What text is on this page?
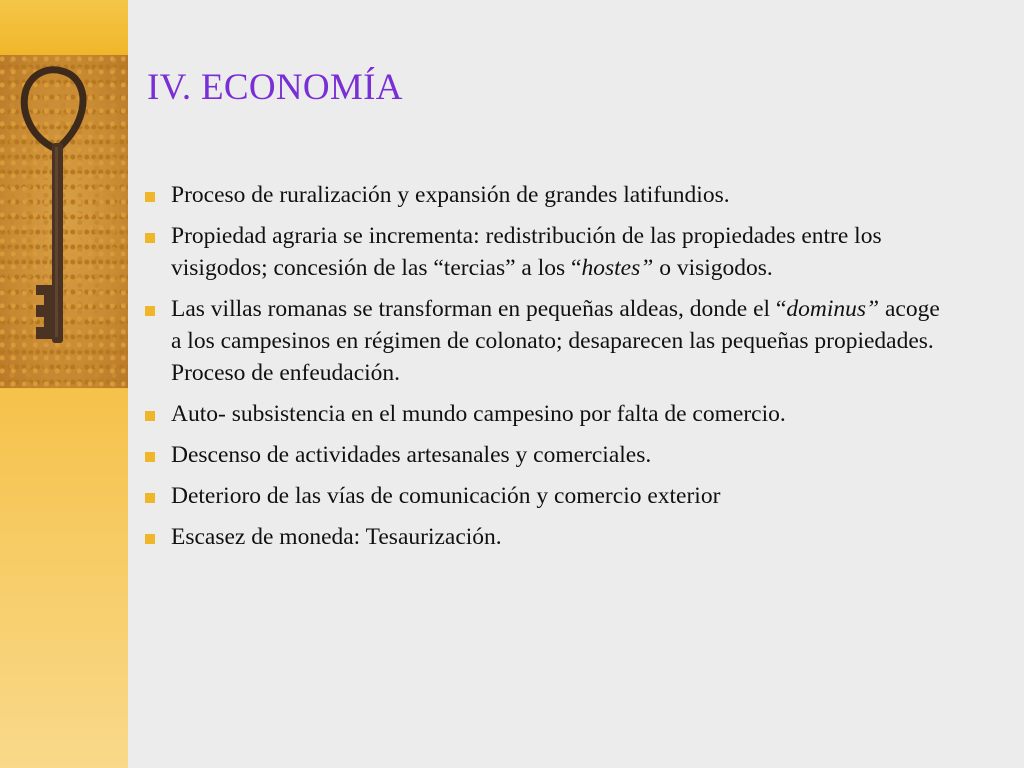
IV. ECONOMÍA
Proceso de ruralización y expansión de grandes latifundios.
Propiedad agraria se incrementa: redistribución de las propiedades entre los visigodos; concesión de las “tercias” a los “hostes” o visigodos.
Las villas romanas se transforman en pequeñas aldeas, donde el “dominus” acoge a los campesinos en régimen de colonato; desaparecen las pequeñas propiedades. Proceso de enfeudación.
Auto- subsistencia en el mundo campesino por falta de comercio.
Descenso de actividades artesanales y comerciales.
Deterioro de las vías de comunicación y comercio exterior
Escasez de moneda: Tesaurización.
